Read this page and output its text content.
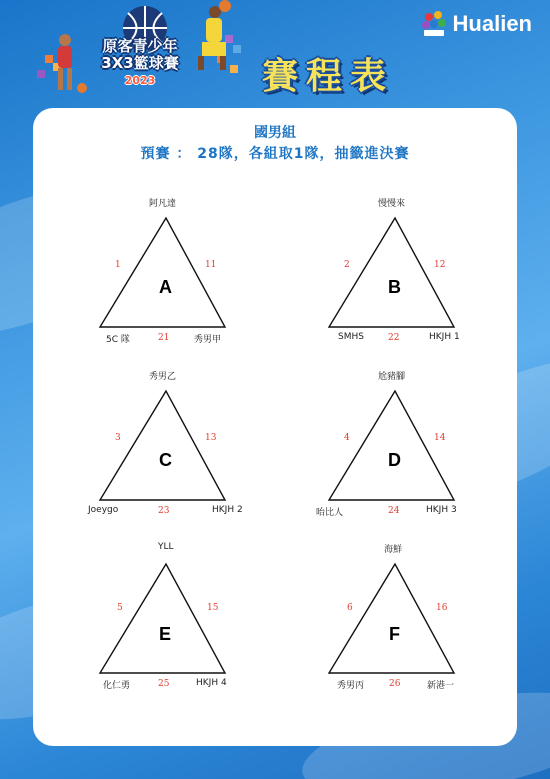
原客青少年
3X3籃球賽
2023	賽程表
Hualien
國男組
預賽 ： 28隊，各組取1隊，抽籤進決賽
阿凡達
1	11
A
5C 隊	21	秀男甲
慢慢來
2	12
B
SMHS	22	HKJH 1
秀男乙
3	13
C
Joeygo	23	HKJH 2
尬豬腳
4	14
D
咍比人	24	HKJH 3
YLL
5	15
E
化仁勇	25	HKJH 4
海鮮
6	16
F
秀男丙	26	新港一
